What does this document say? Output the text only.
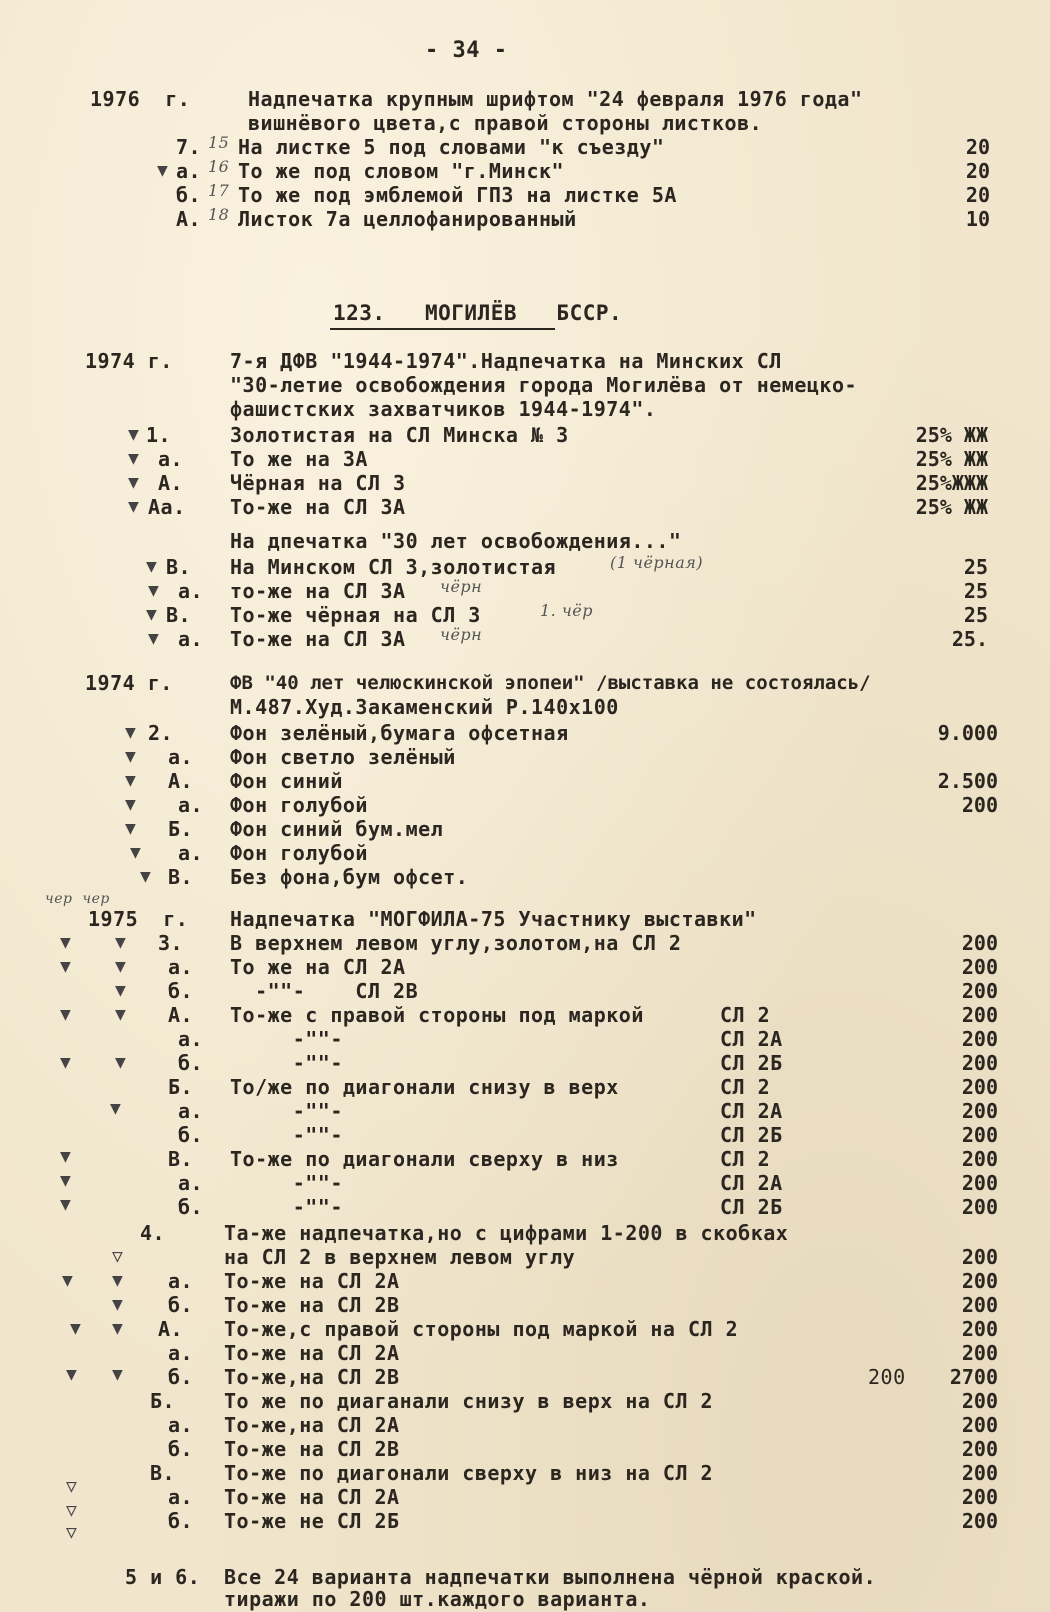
- 34 -
1976  г.	Надпечатка крупным шрифтом "24 февраля 1976 года"
вишнёвого цвета,с правой стороны листков.
▼
7. 15 На листке 5 под словами "к съезду"	20
а. 16 То же под словом "г.Минск"	20
б. 17 То же под эмблемой ГПЗ на листке 5А	20
А. 18 Листок 7а целлофанированный	10
123.   МОГИЛЁВ   БССР.
1974 г.	7-я ДФВ "1944-1974".Надпечатка на Минских СЛ
"30-летие освобождения города Могилёва от немецко-
фашистских захватчиков 1944-1974".
▼ 1.	Золотистая на СЛ Минска № 3	25% ЖЖ
▼ а. То же на 3А	25% ЖЖ
▼ А. Чёрная на СЛ 3	25%ЖЖЖ
▼ Аа. То-же на СЛ 3А	25% ЖЖ
На дпечатка "30 лет освобождения..."
▼ В. На Минском СЛ 3,золотистая	(1 чёрная)	25
▼ а. то-же на СЛ 3А чёрн	25
▼ В. То-же чёрная на СЛ 3	1. чёр	25
▼ а. То-же на СЛ 3А чёрн	25.
1974 г.	ФВ "40 лет челюскинской эпопеи" /выставка не состоялась/
М.487.Худ.Закаменский Р.140х100
▼ 2.	Фон зелёный,бумага офсетная	9.000
▼ а. Фон светло зелёный
▼ А. Фон синий	2.500
▼ а. Фон голубой	200
▼ Б. Фон синий бум.мел
▼ а. Фон голубой
▼ В. Без фона,бум офсет.
чер  чер
1975  г. Надпечатка "МОГФИЛА-75 Участнику выставки"
▼ ▼
▼ ▼
▼
▼ ▼
▼ ▼
▼
▼
▼
▼
3. В верхнем левом углу,золотом,на СЛ 2	200
а. То же на СЛ 2А	200
б. -""-    СЛ 2В	200
А. То-же с правой стороны под маркой	СЛ 2	200
а. -""-	СЛ 2А	200
б. -""-	СЛ 2Б	200
Б. То/же по диагонали снизу в верх	СЛ 2	200
а. -""-	СЛ 2А	200
б. -""-	СЛ 2Б	200
В. То-же по диагонали сверху в низ	СЛ 2	200
а. -""-	СЛ 2А	200
б. -""-	СЛ 2Б	200
4.	Та-же надпечатка,но с цифрами 1-200 в скобках
на СЛ 2 в верхнем левом углу	200
▽
▼ ▼
▼
▼ ▼
▼ ▼
▽
▽
▽
а. То-же на СЛ 2А	200
б. То-же на СЛ 2В	200
А. То-же,с правой стороны под маркой на СЛ 2	200
а. То-же на СЛ 2А	200
б. То-же,на СЛ 2В	200	2700
Б. То же по диаганали снизу в верх на СЛ 2	200
а. То-же,на СЛ 2А	200
б. То-же на СЛ 2В	200
В. То-же по диагонали сверху в низ на СЛ 2	200
а. То-же на СЛ 2А	200
б. То-же не СЛ 2Б	200
5 и 6. Все 24 варианта надпечатки выполнена чёрной краской.
тиражи по 200 шт.каждого варианта.
